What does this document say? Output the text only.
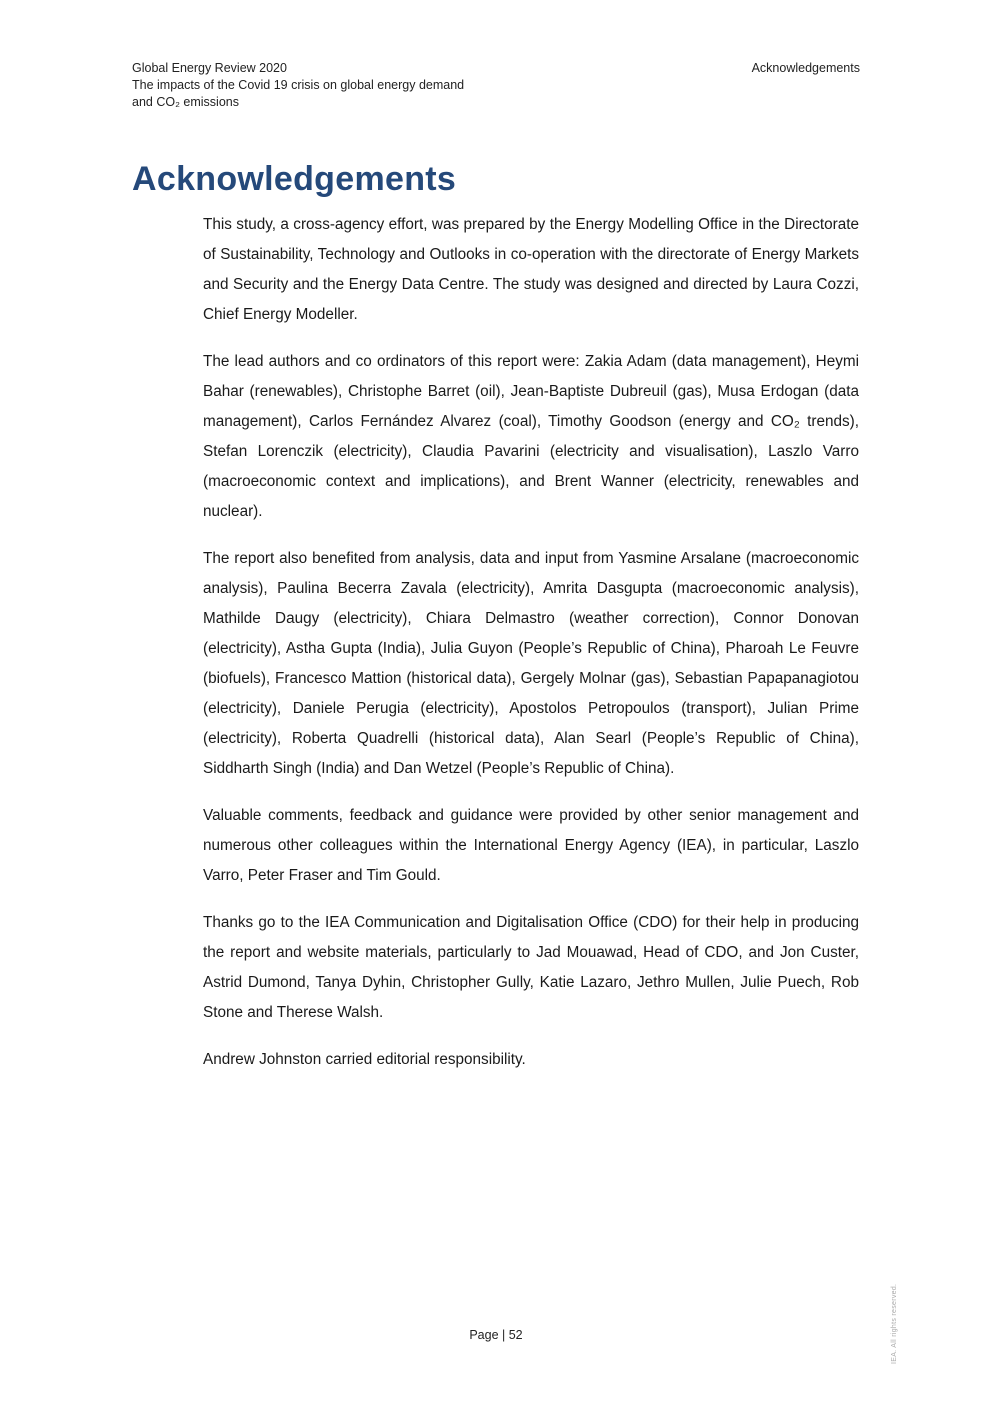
Global Energy Review 2020
The impacts of the Covid 19 crisis on global energy demand
and CO₂ emissions
Acknowledgements
Acknowledgements

This study, a cross-agency effort, was prepared by the Energy Modelling Office in the Directorate of Sustainability, Technology and Outlooks in co-operation with the directorate of Energy Markets and Security and the Energy Data Centre. The study was designed and directed by Laura Cozzi, Chief Energy Modeller.

The lead authors and co ordinators of this report were: Zakia Adam (data management), Heymi Bahar (renewables), Christophe Barret (oil), Jean-Baptiste Dubreuil (gas), Musa Erdogan (data management), Carlos Fernández Alvarez (coal), Timothy Goodson (energy and CO₂ trends), Stefan Lorenczik (electricity), Claudia Pavarini (electricity and visualisation), Laszlo Varro (macroeconomic context and implications), and Brent Wanner (electricity, renewables and nuclear).

The report also benefited from analysis, data and input from Yasmine Arsalane (macroeconomic analysis), Paulina Becerra Zavala (electricity), Amrita Dasgupta (macroeconomic analysis), Mathilde Daugy (electricity), Chiara Delmastro (weather correction), Connor Donovan (electricity), Astha Gupta (India), Julia Guyon (People’s Republic of China), Pharoah Le Feuvre (biofuels), Francesco Mattion (historical data), Gergely Molnar (gas), Sebastian Papapanagiotou (electricity), Daniele Perugia (electricity), Apostolos Petropoulos (transport), Julian Prime (electricity), Roberta Quadrelli (historical data), Alan Searl (People’s Republic of China), Siddharth Singh (India) and Dan Wetzel (People’s Republic of China).

Valuable comments, feedback and guidance were provided by other senior management and numerous other colleagues within the International Energy Agency (IEA), in particular, Laszlo Varro, Peter Fraser and Tim Gould.

Thanks go to the IEA Communication and Digitalisation Office (CDO) for their help in producing the report and website materials, particularly to Jad Mouawad, Head of CDO, and Jon Custer, Astrid Dumond, Tanya Dyhin, Christopher Gully, Katie Lazaro, Jethro Mullen, Julie Puech, Rob Stone and Therese Walsh.

Andrew Johnston carried editorial responsibility.

Page | 52	IEA. All rights reserved.
